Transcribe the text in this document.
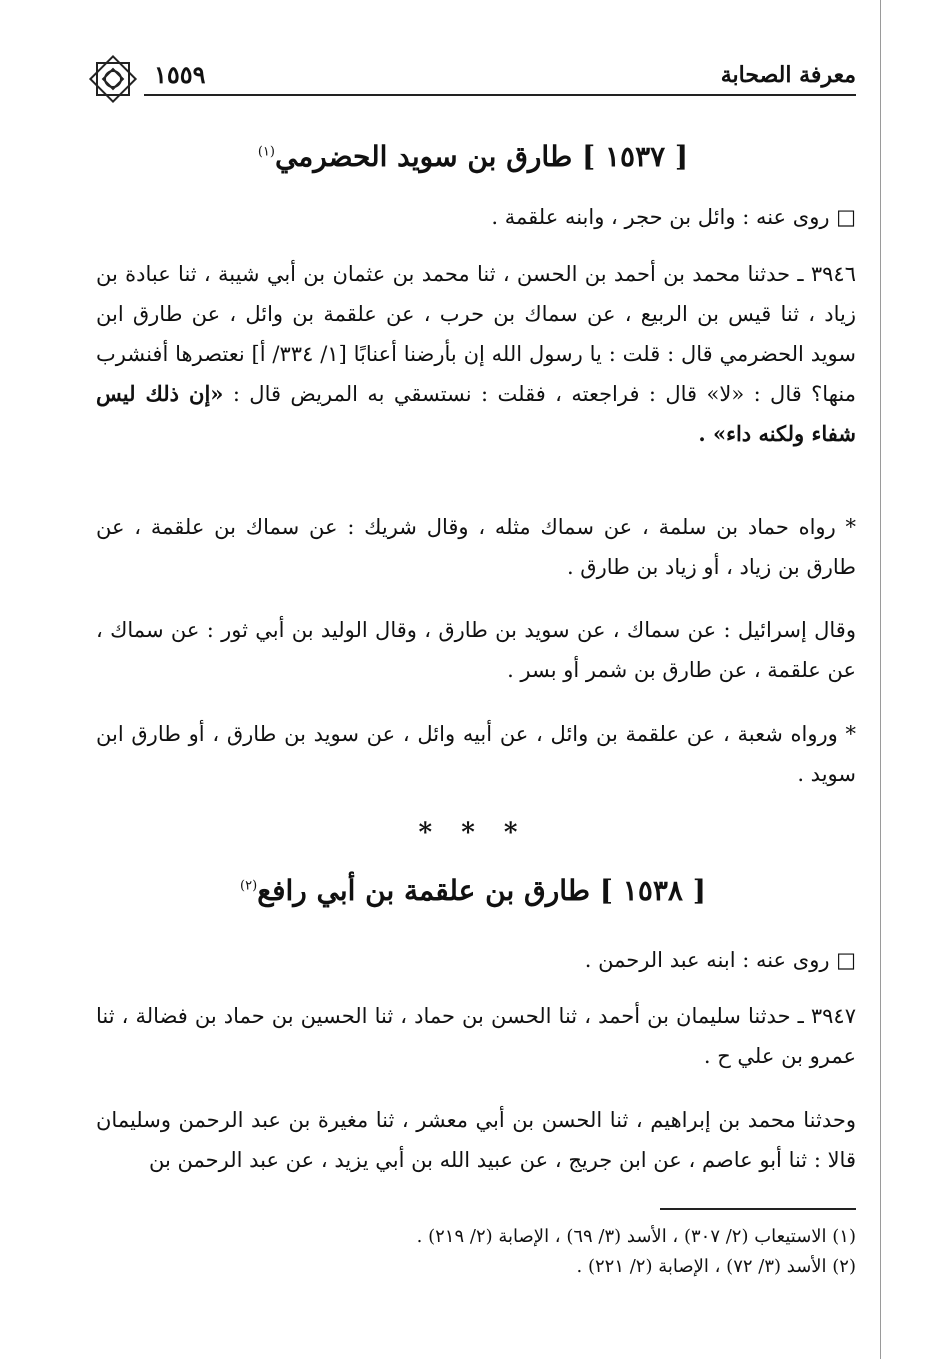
معرفة الصحابة
١٥٥٩
[ ١٥٣٧ ] طارق بن سويد الحضرمي$^{(١)}$
□ روى عنه : وائل بن حجر ، وابنه علقمة .
٣٩٤٦ ـ حدثنا محمد بن أحمد بن الحسن ، ثنا محمد بن عثمان بن أبي شيبة ، ثنا عبادة بن زياد ، ثنا قيس بن الربيع ، عن سماك بن حرب ، عن علقمة بن وائل ، عن طارق ابن سويد الحضرمي قال : قلت : يا رسول الله إن بأرضنا أعنابًا [١/ ٣٣٤/ أ] نعتصرها أفنشرب منها؟ قال : «لا» قال : فراجعته ، فقلت : نستسقي به المريض قال : «إن ذلك ليس شفاء ولكنه داء» .
* رواه حماد بن سلمة ، عن سماك مثله ، وقال شريك : عن سماك بن علقمة ، عن طارق بن زياد ، أو زياد بن طارق .
وقال إسرائيل : عن سماك ، عن سويد بن طارق ، وقال الوليد بن أبي ثور : عن سماك ، عن علقمة ، عن طارق بن شمر أو بسر .
* ورواه شعبة ، عن علقمة بن وائل ، عن أبيه وائل ، عن سويد بن طارق ، أو طارق ابن سويد .
* * *
[ ١٥٣٨ ] طارق بن علقمة بن أبي رافع$^{(٢)}$
□ روى عنه : ابنه عبد الرحمن .
٣٩٤٧ ـ حدثنا سليمان بن أحمد ، ثنا الحسن بن حماد ، ثنا الحسين بن حماد بن فضالة ، ثنا عمرو بن علي ح .
وحدثنا محمد بن إبراهيم ، ثنا الحسن بن أبي معشر ، ثنا مغيرة بن عبد الرحمن وسليمان قالا : ثنا أبو عاصم ، عن ابن جريج ، عن عبيد الله بن أبي يزيد ، عن عبد الرحمن بن
(١) الاستيعاب (٢/ ٣٠٧) ، الأسد (٣/ ٦٩) ، الإصابة (٢/ ٢١٩) .
(٢) الأسد (٣/ ٧٢) ، الإصابة (٢/ ٢٢١) .
